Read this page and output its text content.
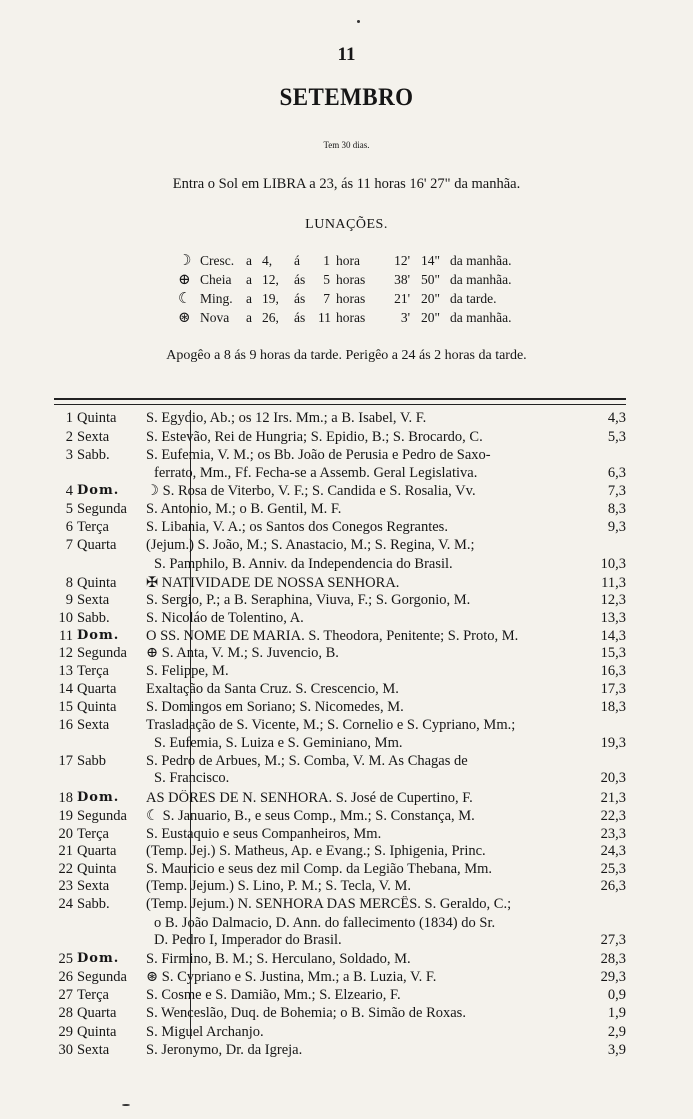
11
SETEMBRO
Tem 30 dias.
Entra o Sol em LIBRA a 23, ás 11 horas 16' 27" da manhãa.
LUNAÇÕES.
☽ Cresc. a 4, á 1 hora	12' 14" da manhãa.
⊕ Cheia a 12, ás 5 horas 38' 50" da manhãa.
☾ Ming. a 19, ás 7 horas 21' 20" da tarde.
⊛ Nova a 26, ás 11 horas	3' 20" da manhãa.
Apogêo a 8 ás 9 horas da tarde. Perigêo a 24 ás 2 horas da tarde.
1 Quinta	S. Egydio, Ab.; os 12 Irs. Mm.; a B. Isabel, V. F.	4,3
2 Sexta	S. Estevão, Rei de Hungria; S. Epidio, B.; S. Brocardo, C.	5,3
3 Sabb.	S. Eufemia, V. M.; os Bb. João de Perusia e Pedro de Saxo-
ferrato, Mm., Ff. Fecha-se a Assemb. Geral Legislativa.	6,3
4 Dom.	☽ S. Rosa de Viterbo, V. F.; S. Candida e S. Rosalia, Vv.	7,3
5 Segunda	S. Antonio, M.; o B. Gentil, M. F.	8,3
6 Terça	S. Libania, V. A.; os Santos dos Conegos Regrantes.	9,3
7 Quarta	(Jejum.) S. João, M.; S. Anastacio, M.; S. Regina, V. M.;
S. Pamphilo, B. Anniv. da Independencia do Brasil.	10,3
8 Quinta	✠ NATIVIDADE DE NOSSA SENHORA.	11,3
9 Sexta	S. Sergio, P.; a B. Seraphina, Viuva, F.; S. Gorgonio, M.	12,3
10 Sabb.	S. Nicoláo de Tolentino, A.	13,3
11 Dom.	O SS. NOME DE MARIA. S. Theodora, Penitente; S. Proto, M.	14,3
12 Segunda	⊕ S. Anta, V. M.; S. Juvencio, B.	15,3
13 Terça	S. Felippe, M.	16,3
14 Quarta	Exaltação da Santa Cruz. S. Crescencio, M.	17,3
15 Quinta	S. Domingos em Soriano; S. Nicomedes, M.	18,3
16 Sexta	Trasladação de S. Vicente, M.; S. Cornelio e S. Cypriano, Mm.;
S. Eufemia, S. Luiza e S. Geminiano, Mm.	19,3
17 Sabb	S. Pedro de Arbues, M.; S. Comba, V. M. As Chagas de
S. Francisco.	20,3
18 Dom.	AS DÔRES DE N. SENHORA. S. José de Cupertino, F.	21,3
19 Segunda	☾ S. Januario, B., e seus Comp., Mm.; S. Constança, M.	22,3
20 Terça	S. Eustaquio e seus Companheiros, Mm.	23,3
21 Quarta	(Temp. Jej.) S. Matheus, Ap. e Evang.; S. Iphigenia, Princ.	24,3
22 Quinta	S. Mauricio e seus dez mil Comp. da Legião Thebana, Mm.	25,3
23 Sexta	(Temp. Jejum.) S. Lino, P. M.; S. Tecla, V. M.	26,3
24 Sabb.	(Temp. Jejum.) N. SENHORA DAS MERCÊS. S. Geraldo, C.;
o B. João Dalmacio, D. Ann. do fallecimento (1834) do Sr.
D. Pedro I, Imperador do Brasil.	27,3
25 Dom.	S. Firmino, B. M.; S. Herculano, Soldado, M.	28,3
26 Segunda	⊛ S. Cypriano e S. Justina, Mm.; a B. Luzia, V. F.	29,3
27 Terça	S. Cosme e S. Damião, Mm.; S. Elzeario, F.	0,9
28 Quarta	S. Wenceslão, Duq. de Bohemia; o B. Simão de Roxas.	1,9
29 Quinta	S. Miguel Archanjo.	2,9
30 Sexta	S. Jeronymo, Dr. da Igreja.	3,9
